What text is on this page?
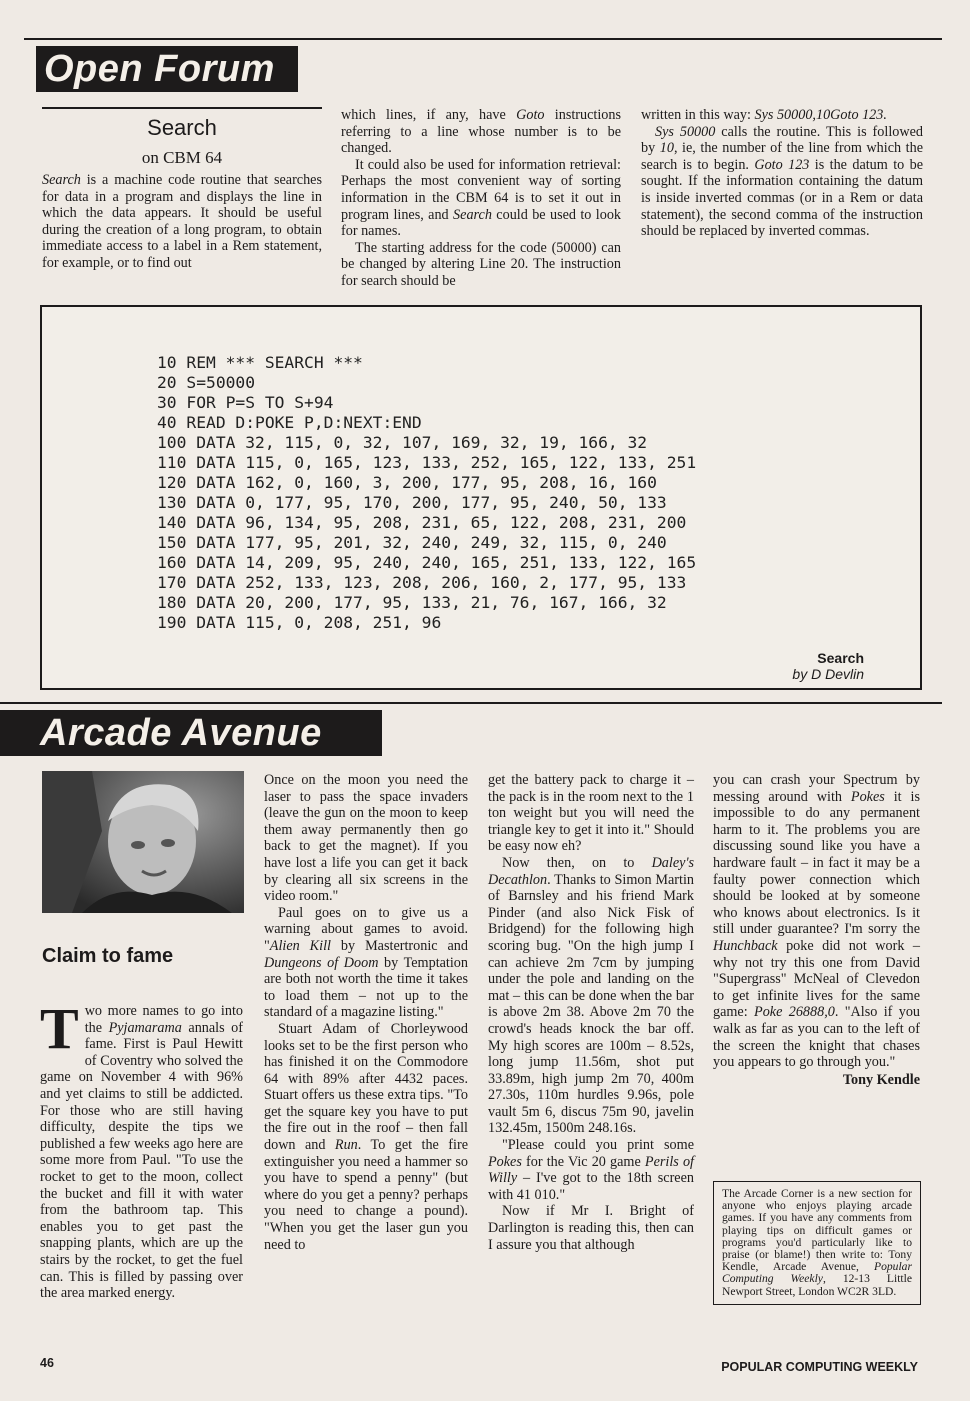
Open Forum
Search
on CBM 64

Search is a machine code routine that searches for data in a program and displays the line in which the data appears. It should be useful during the creation of a long program, to obtain immediate access to a label in a Rem statement, for example, or to find out

which lines, if any, have Goto instructions referring to a line whose number is to be changed.

It could also be used for information retrieval: Perhaps the most convenient way of sorting information in the CBM 64 is to set it out in program lines, and Search could be used to look for names.

The starting address for the code (50000) can be changed by altering Line 20. The instruction for search should be

written in this way: Sys 50000,10Goto 123.

Sys 50000 calls the routine. This is followed by 10, ie, the number of the line from which the search is to begin. Goto 123 is the datum to be sought. If the information containing the datum is inside inverted commas (or in a Rem or data statement), the second comma of the instruction should be replaced by inverted commas.

10 REM *** SEARCH ***
20 S=50000
30 FOR P=S TO S+94
40 READ D:POKE P,D:NEXT:END
100 DATA 32, 115, 0, 32, 107, 169, 32, 19, 166, 32
110 DATA 115, 0, 165, 123, 133, 252, 165, 122, 133, 251
120 DATA 162, 0, 160, 3, 200, 177, 95, 208, 16, 160
130 DATA 0, 177, 95, 170, 200, 177, 95, 240, 50, 133
140 DATA 96, 134, 95, 208, 231, 65, 122, 208, 231, 200
150 DATA 177, 95, 201, 32, 240, 249, 32, 115, 0, 240
160 DATA 14, 209, 95, 240, 240, 165, 251, 133, 122, 165
170 DATA 252, 133, 123, 208, 206, 160, 2, 177, 95, 133
180 DATA 20, 200, 177, 95, 133, 21, 76, 167, 166, 32
190 DATA 115, 0, 208, 251, 96
Search
by D Devlin
Arcade Avenue
Claim to fame

Two more names to go into the Pyjamarama annals of fame. First is Paul Hewitt of Coventry who solved the game on November 4 with 96% and yet claims to still be addicted. For those who are still having difficulty, despite the tips we published a few weeks ago here are some more from Paul. "To use the rocket to get to the moon, collect the bucket and fill it with water from the bathroom tap. This enables you to get past the snapping plants, which are up the stairs by the rocket, to get the fuel can. This is filled by passing over the area marked energy.

Once on the moon you need the laser to pass the space invaders (leave the gun on the moon to keep them away permanently then go back to get the magnet). If you have lost a life you can get it back by clearing all six screens in the video room."

Paul goes on to give us a warning about games to avoid. "Alien Kill by Mastertronic and Dungeons of Doom by Temptation are both not worth the time it takes to load them – not up to the standard of a magazine listing."

Stuart Adam of Chorleywood looks set to be the first person who has finished it on the Commodore 64 with 89% after 4432 paces. Stuart offers us these extra tips. "To get the square key you have to put the fire out in the roof – then fall down and Run. To get the fire extinguisher you need a hammer so you have to spend a penny" (but where do you get a penny? perhaps you need to change a pound). "When you get the laser gun you need to

get the battery pack to charge it – the pack is in the room next to the 1 ton weight but you will need the triangle key to get it into it." Should be easy now eh?

Now then, on to Daley's Decathlon. Thanks to Simon Martin of Barnsley and his friend Mark Pinder (and also Nick Fisk of Bridgend) for the following high scoring bug. "On the high jump I can achieve 2m 7cm by jumping under the pole and landing on the mat – this can be done when the bar is above 2m 38. Above 2m 70 the crowd's heads knock the bar off. My high scores are 100m – 8.52s, long jump 11.56m, shot put 33.89m, high jump 2m 70, 400m 27.30s, 110m hurdles 9.96s, pole vault 5m 6, discus 75m 90, javelin 132.45m, 1500m 248.16s.

"Please could you print some Pokes for the Vic 20 game Perils of Willy – I've got to the 18th screen with 41 010."

Now if Mr I. Bright of Darlington is reading this, then can I assure you that although

you can crash your Spectrum by messing around with Pokes it is impossible to do any permanent harm to it. The problems you are discussing sound like you have a hardware fault – in fact it may be a faulty power connection which should be looked at by someone who knows about electronics. Is it still under guarantee? I'm sorry the Hunchback poke did not work – why not try this one from David "Supergrass" McNeal of Clevedon to get infinite lives for the same game: Poke 26888,0. "Also if you walk as far as you can to the left of the screen the knight that chases you appears to go through you."

Tony Kendle
The Arcade Corner is a new section for anyone who enjoys playing arcade games. If you have any comments from playing tips on difficult games or programs you'd particularly like to praise (or blame!) then write to: Tony Kendle, Arcade Avenue, Popular Computing Weekly, 12-13 Little Newport Street, London WC2R 3LD.
46	POPULAR COMPUTING WEEKLY
